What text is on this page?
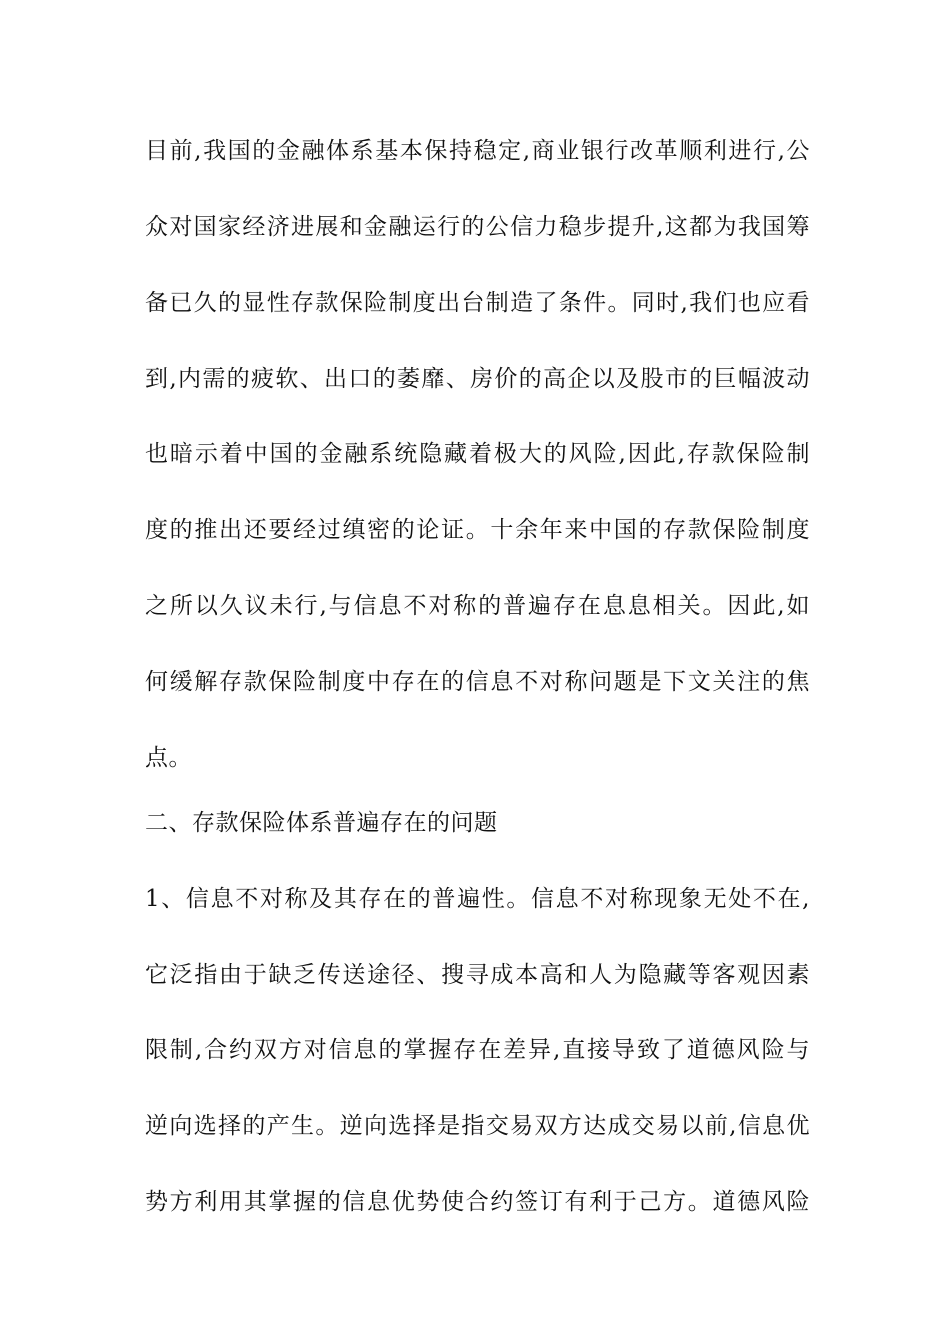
目前,我国的金融体系基本保持稳定,商业银行改革顺利进行,公
众对国家经济进展和金融运行的公信力稳步提升,这都为我国筹
备已久的显性存款保险制度出台制造了条件。同时,我们也应看
到,内需的疲软、出口的萎靡、房价的高企以及股市的巨幅波动
也暗示着中国的金融系统隐藏着极大的风险,因此,存款保险制
度的推出还要经过缜密的论证。十余年来中国的存款保险制度
之所以久议未行,与信息不对称的普遍存在息息相关。因此,如
何缓解存款保险制度中存在的信息不对称问题是下文关注的焦
点。
二、存款保险体系普遍存在的问题
1、信息不对称及其存在的普遍性。信息不对称现象无处不在,
它泛指由于缺乏传送途径、搜寻成本高和人为隐藏等客观因素
限制,合约双方对信息的掌握存在差异,直接导致了道德风险与
逆向选择的产生。逆向选择是指交易双方达成交易以前,信息优
势方利用其掌握的信息优势使合约签订有利于己方。道德风险
